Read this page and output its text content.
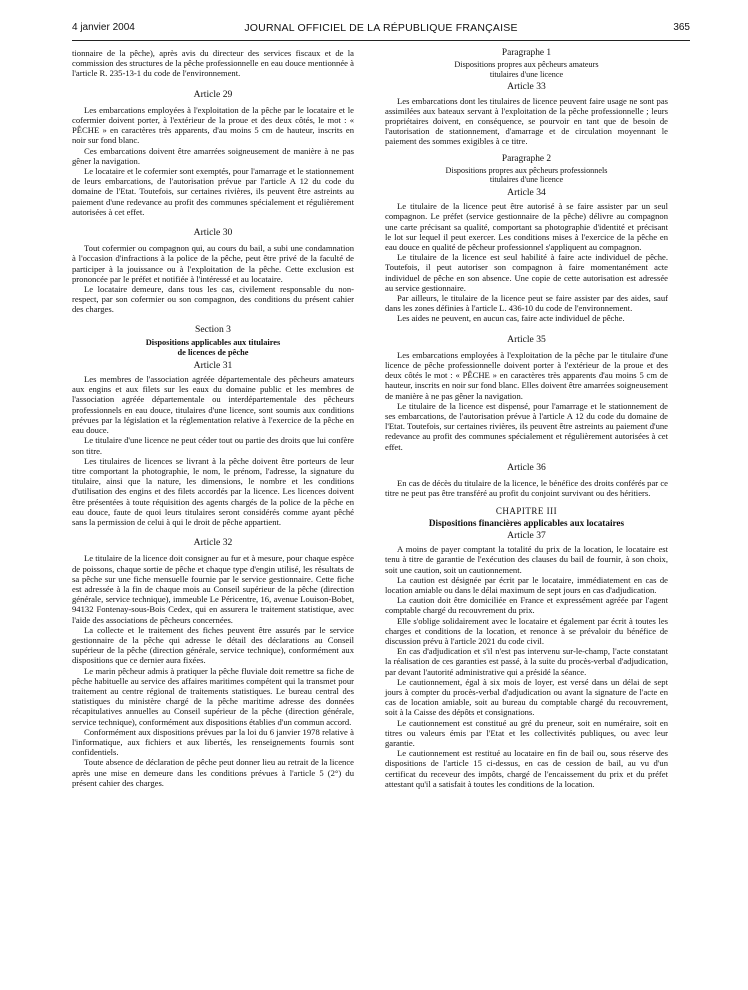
4 janvier 2004	JOURNAL OFFICIEL DE LA RÉPUBLIQUE FRANÇAISE	365

tionnaire de la pêche), après avis du directeur des services fiscaux et de la commission des structures de la pêche professionnelle en eau douce mentionnée à l'article R. 235-13-1 du code de l'environnement.

Article 29

Les embarcations employées à l'exploitation de la pêche par le locataire et le cofermier doivent porter, à l'extérieur de la proue et des deux côtés, le mot : « PÊCHE » en caractères très apparents, d'au moins 5 cm de hauteur, inscrits en noir sur fond blanc.

Ces embarcations doivent être amarrées soigneusement de manière à ne pas gêner la navigation.

Le locataire et le cofermier sont exemptés, pour l'amarrage et le stationnement de leurs embarcations, de l'autorisation prévue par l'article A 12 du code du domaine de l'Etat. Toutefois, sur certaines rivières, ils peuvent être astreints au paiement d'une redevance au profit des communes spécialement et régulièrement autorisées à cet effet.

Article 30

Tout cofermier ou compagnon qui, au cours du bail, a subi une condamnation à l'occasion d'infractions à la police de la pêche, peut être privé de la faculté de participer à la jouissance ou à l'exploitation de la pêche. Cette exclusion est prononcée par le préfet et notifiée à l'intéressé et au locataire.

Le locataire demeure, dans tous les cas, civilement responsable du non-respect, par son cofermier ou son compagnon, des conditions du présent cahier des charges.

Section 3
Dispositions applicables aux titulaires
de licences de pêche
Article 31

Les membres de l'association agréée départementale des pêcheurs amateurs aux engins et aux filets sur les eaux du domaine public et les membres de l'association agréée départementale ou interdépartementale des pêcheurs professionnels en eau douce, titulaires d'une licence, sont soumis aux conditions prévues par la législation et la réglementation relative à l'exercice de la pêche en eau douce.

Le titulaire d'une licence ne peut céder tout ou partie des droits que lui confère son titre.

Les titulaires de licences se livrant à la pêche doivent être porteurs de leur titre comportant la photographie, le nom, le prénom, l'adresse, la signature du titulaire, ainsi que la nature, les dimensions, le nombre et les conditions d'utilisation des engins et des filets accordés par la licence. Les licences doivent être présentées à toute réquisition des agents chargés de la police de la pêche en eau douce, faute de quoi leurs titulaires seront considérés comme ayant pêché sans la permission de celui à qui le droit de pêche appartient.

Article 32

Le titulaire de la licence doit consigner au fur et à mesure, pour chaque espèce de poissons, chaque sortie de pêche et chaque type d'engin utilisé, les résultats de sa pêche sur une fiche mensuelle fournie par le service gestionnaire. Cette fiche est adressée à la fin de chaque mois au Conseil supérieur de la pêche (direction générale, service technique), immeuble Le Péricentre, 16, avenue Louison-Bobet, 94132 Fontenay-sous-Bois Cedex, qui en assurera le traitement statistique, avec l'aide des associations de pêcheurs concernées.

La collecte et le traitement des fiches peuvent être assurés par le service gestionnaire de la pêche qui adresse le détail des déclarations au Conseil supérieur de la pêche (direction générale, service technique), conformément aux dispositions que ce dernier aura fixées.

Le marin pêcheur admis à pratiquer la pêche fluviale doit remettre sa fiche de pêche habituelle au service des affaires maritimes compétent qui la transmet pour traitement au centre régional de traitements statistiques. Le bureau central des statistiques du ministère chargé de la pêche maritime adresse des données récapitulatives annuelles au Conseil supérieur de la pêche (direction générale, service technique), conformément aux dispositions établies d'un commun accord.

Conformément aux dispositions prévues par la loi du 6 janvier 1978 relative à l'informatique, aux fichiers et aux libertés, les renseignements fournis sont confidentiels.

Toute absence de déclaration de pêche peut donner lieu au retrait de la licence après une mise en demeure dans les conditions prévues à l'article 5 (2°) du présent cahier des charges.

Paragraphe 1
Dispositions propres aux pêcheurs amateurs
titulaires d'une licence
Article 33

Les embarcations dont les titulaires de licence peuvent faire usage ne sont pas assimilées aux bateaux servant à l'exploitation de la pêche professionnelle ; leurs propriétaires doivent, en conséquence, se pourvoir en tant que de besoin de l'autorisation de stationnement, d'amarrage et de circulation moyennant le paiement des sommes exigibles à ce titre.

Paragraphe 2
Dispositions propres aux pêcheurs professionnels
titulaires d'une licence
Article 34

Le titulaire de la licence peut être autorisé à se faire assister par un seul compagnon. Le préfet (service gestionnaire de la pêche) délivre au compagnon une carte précisant sa qualité, comportant sa photographie d'identité et précisant le lot sur lequel il peut exercer. Les conditions mises à l'exercice de la pêche en eau douce en qualité de pêcheur professionnel s'appliquent au compagnon.

Le titulaire de la licence est seul habilité à faire acte individuel de pêche. Toutefois, il peut autoriser son compagnon à faire momentanément acte individuel de pêche en son absence. Une copie de cette autorisation est adressée au service gestionnaire.

Par ailleurs, le titulaire de la licence peut se faire assister par des aides, sauf dans les zones définies à l'article L. 436-10 du code de l'environnement.

Les aides ne peuvent, en aucun cas, faire acte individuel de pêche.

Article 35

Les embarcations employées à l'exploitation de la pêche par le titulaire d'une licence de pêche professionnelle doivent porter à l'extérieur de la proue et des deux côtés le mot : « PÊCHE » en caractères très apparents d'au moins 5 cm de hauteur, inscrits en noir sur fond blanc. Elles doivent être amarrées soigneusement de manière à ne pas gêner la navigation.

Le titulaire de la licence est dispensé, pour l'amarrage et le stationnement de ses embarcations, de l'autorisation prévue à l'article A 12 du code du domaine de l'Etat. Toutefois, sur certaines rivières, ils peuvent être astreints au paiement d'une redevance au profit des communes spécialement et régulièrement autorisées à cet effet.

Article 36

En cas de décès du titulaire de la licence, le bénéfice des droits conférés par ce titre ne peut pas être transféré au profit du conjoint survivant ou des héritiers.

CHAPITRE III
Dispositions financières applicables aux locataires
Article 37

A moins de payer comptant la totalité du prix de la location, le locataire est tenu à titre de garantie de l'exécution des clauses du bail de fournir, à son choix, soit une caution, soit un cautionnement.

La caution est désignée par écrit par le locataire, immédiatement en cas de location amiable ou dans le délai maximum de sept jours en cas d'adjudication.

La caution doit être domiciliée en France et expressément agréée par l'agent comptable chargé du recouvrement du prix.

Elle s'oblige solidairement avec le locataire et également par écrit à toutes les charges et conditions de la location, et renonce à se prévaloir du bénéfice de discussion prévu à l'article 2021 du code civil.

En cas d'adjudication et s'il n'est pas intervenu sur-le-champ, l'acte constatant la réalisation de ces garanties est passé, à la suite du procès-verbal d'adjudication, par devant l'autorité administrative qui a présidé la séance.

Le cautionnement, égal à six mois de loyer, est versé dans un délai de sept jours à compter du procès-verbal d'adjudication ou avant la signature de l'acte en cas de location amiable, soit au bureau du comptable chargé du recouvrement, soit à la Caisse des dépôts et consignations.

Le cautionnement est constitué au gré du preneur, soit en numéraire, soit en titres ou valeurs émis par l'Etat et les collectivités publiques, ou avec leur garantie.

Le cautionnement est restitué au locataire en fin de bail ou, sous réserve des dispositions de l'article 15 ci-dessus, en cas de cession de bail, au vu d'un certificat du receveur des impôts, chargé de l'encaissement du prix et du préfet attestant qu'il a satisfait à toutes les conditions de la location.
